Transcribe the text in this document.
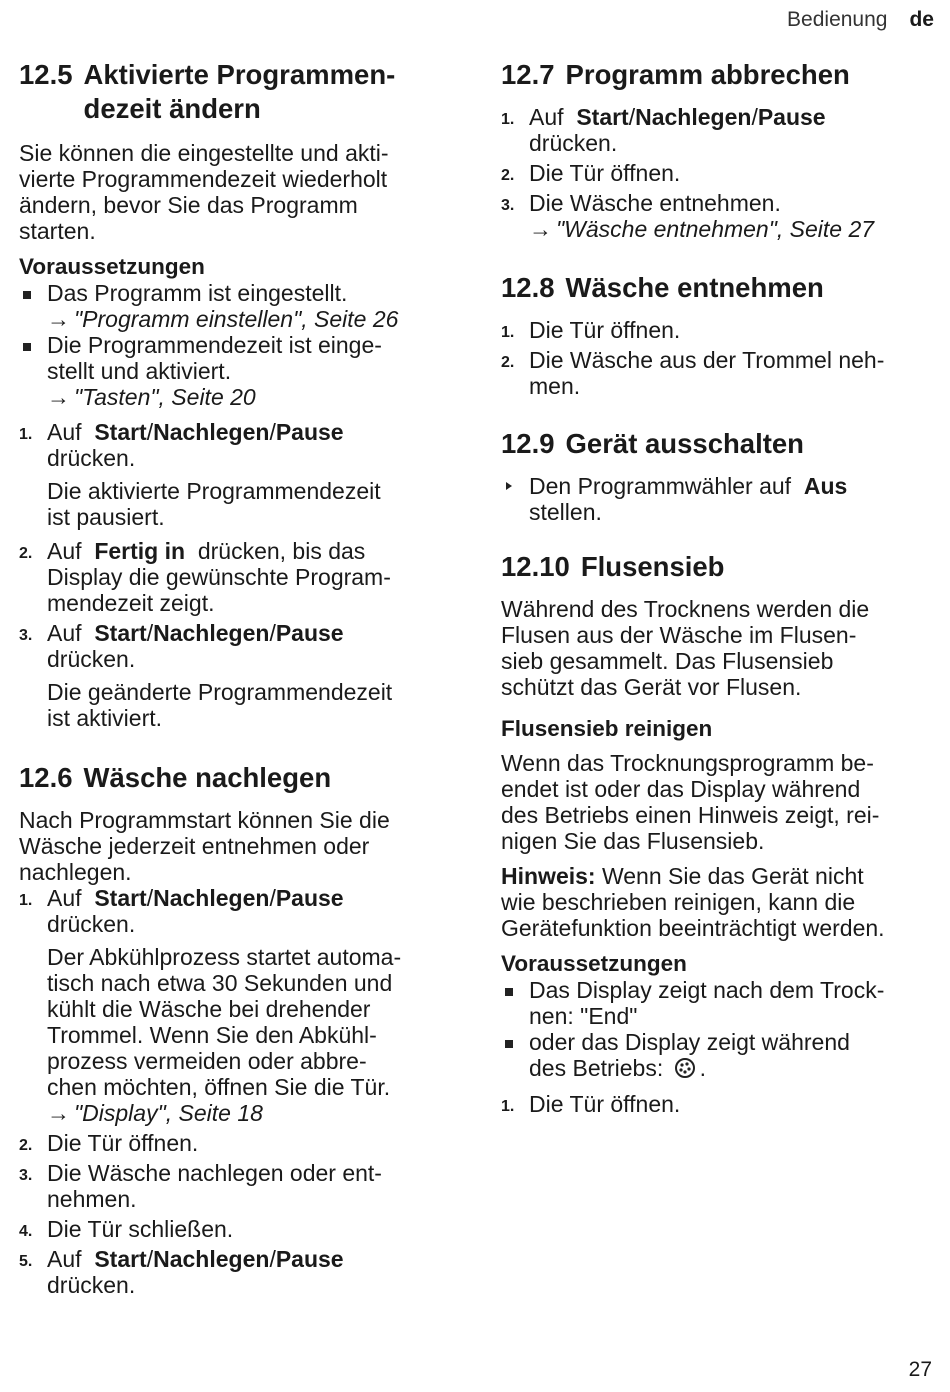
Bedienung de
12.5 Aktivierte Programmen-
dezeit ändern

Sie können die eingestellte und akti-
vierte Programmendezeit wiederholt
ändern, bevor Sie das Programm
starten.

Voraussetzungen
Das Programm ist eingestellt.
→ "Programm einstellen", Seite 26
Die Programmendezeit ist einge-
stellt und aktiviert.
→ "Tasten", Seite 20
1. Auf Start/Nachlegen/Pause
drücken.

Die aktivierte Programmendezeit
ist pausiert.

2. Auf Fertig in drücken, bis das
Display die gewünschte Program-
mendezeit zeigt.
3. Auf Start/Nachlegen/Pause
drücken.

Die geänderte Programmendezeit
ist aktiviert.

12.6 Wäsche nachlegen

Nach Programmstart können Sie die
Wäsche jederzeit entnehmen oder
nachlegen.

1. Auf Start/Nachlegen/Pause
drücken.

Der Abkühlprozess startet automa-
tisch nach etwa 30 Sekunden und
kühlt die Wäsche bei drehender
Trommel. Wenn Sie den Abkühl-
prozess vermeiden oder abbre-
chen möchten, öffnen Sie die Tür.
→ "Display", Seite 18

2. Die Tür öffnen.
3. Die Wäsche nachlegen oder ent-
nehmen.
4. Die Tür schließen.
5. Auf Start/Nachlegen/Pause
drücken.
12.7 Programm abbrechen
1. Auf Start/Nachlegen/Pause
drücken.
2. Die Tür öffnen.
3. Die Wäsche entnehmen.
→ "Wäsche entnehmen", Seite 27
12.8 Wäsche entnehmen
1. Die Tür öffnen.
2. Die Wäsche aus der Trommel neh-
men.
12.9 Gerät ausschalten
Den Programmwähler auf Aus
stellen.
12.10 Flusensieb

Während des Trocknens werden die
Flusen aus der Wäsche im Flusen-
sieb gesammelt. Das Flusensieb
schützt das Gerät vor Flusen.

Flusensieb reinigen

Wenn das Trocknungsprogramm be-
endet ist oder das Display während
des Betriebs einen Hinweis zeigt, rei-
nigen Sie das Flusensieb.

Hinweis: Wenn Sie das Gerät nicht
wie beschrieben reinigen, kann die
Gerätefunktion beeinträchtigt werden.

Voraussetzungen
Das Display zeigt nach dem Trock-
nen: "End"
oder das Display zeigt während
des Betriebs: .
1. Die Tür öffnen.
27
